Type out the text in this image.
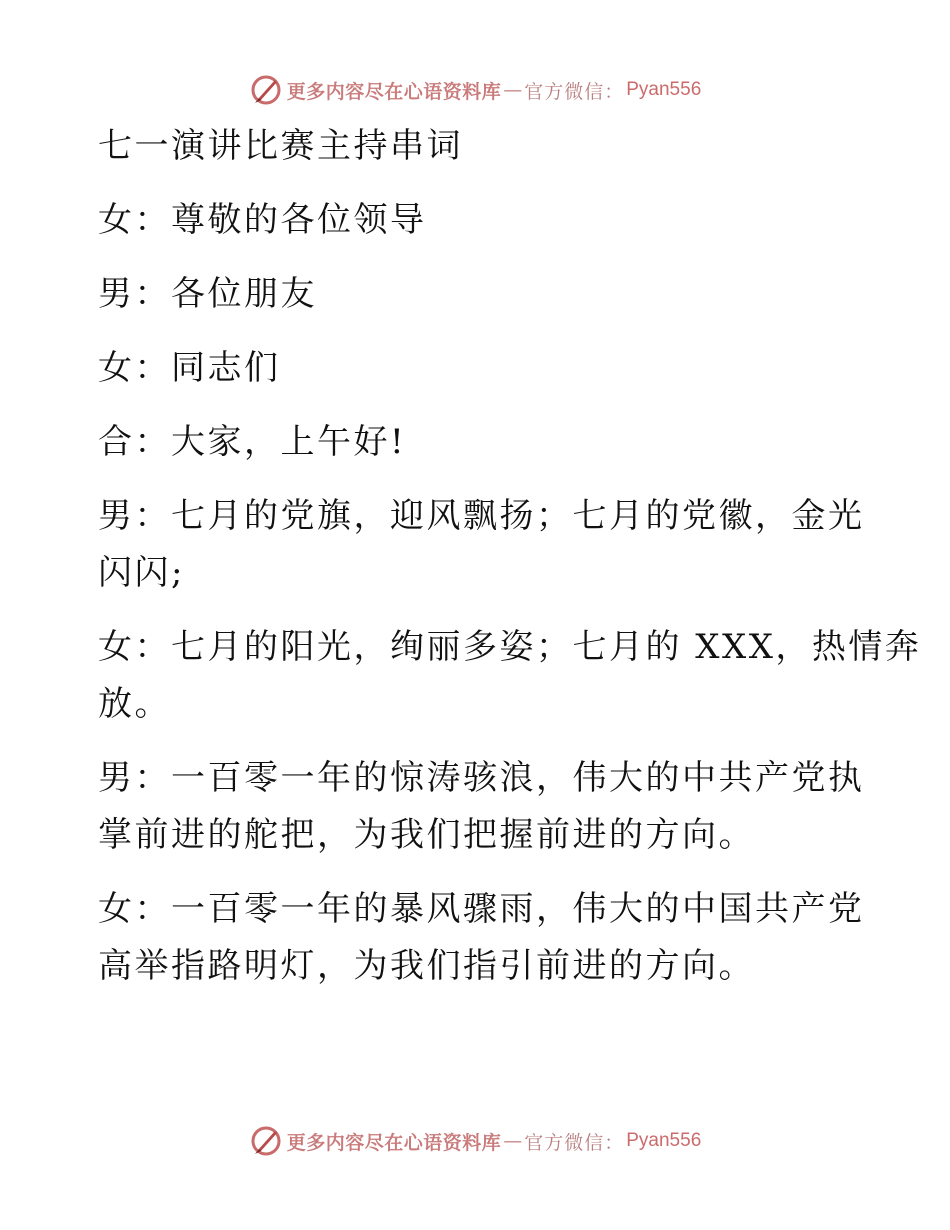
更多内容尽在心语资料库 — 官方微信： Pyan556
七一演讲比赛主持串词
女：尊敬的各位领导
男：各位朋友
女：同志们
合：大家，上午好!
男：七月的党旗，迎风飘扬；七月的党徽，金光
闪闪;
女：七月的阳光，绚丽多姿；七月的 XXX，热情奔
放。
男：一百零一年的惊涛骇浪，伟大的中共产党执
掌前进的舵把，为我们把握前进的方向。
女：一百零一年的暴风骤雨，伟大的中国共产党
高举指路明灯，为我们指引前进的方向。
更多内容尽在心语资料库 — 官方微信： Pyan556
